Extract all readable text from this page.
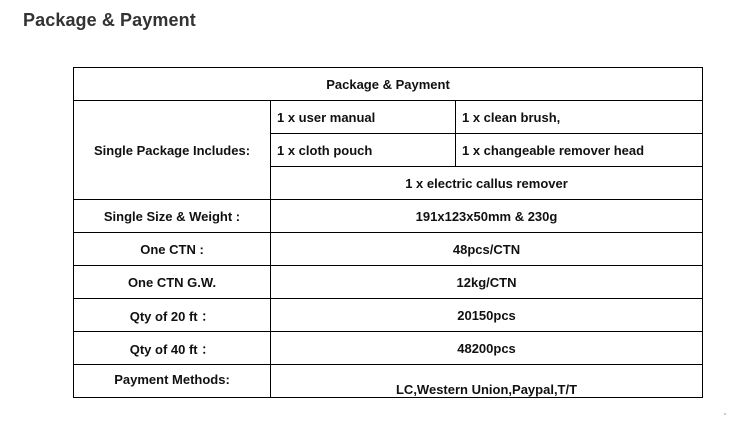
Package & Payment
Package & Payment		
Single Package Includes:	1 x user manual	1 x clean brush,
	1 x cloth pouch	1 x changeable remover head
	1 x electric callus remover	
Single Size & Weight :	191x123x50mm & 230g	
One CTN :	48pcs/CTN	
One CTN G.W.	12kg/CTN	
Qty of 20 ft ：	20150pcs	
Qty of 40 ft ：	48200pcs	
Payment Methods:	LC,Western Union,Paypal,T/T	
